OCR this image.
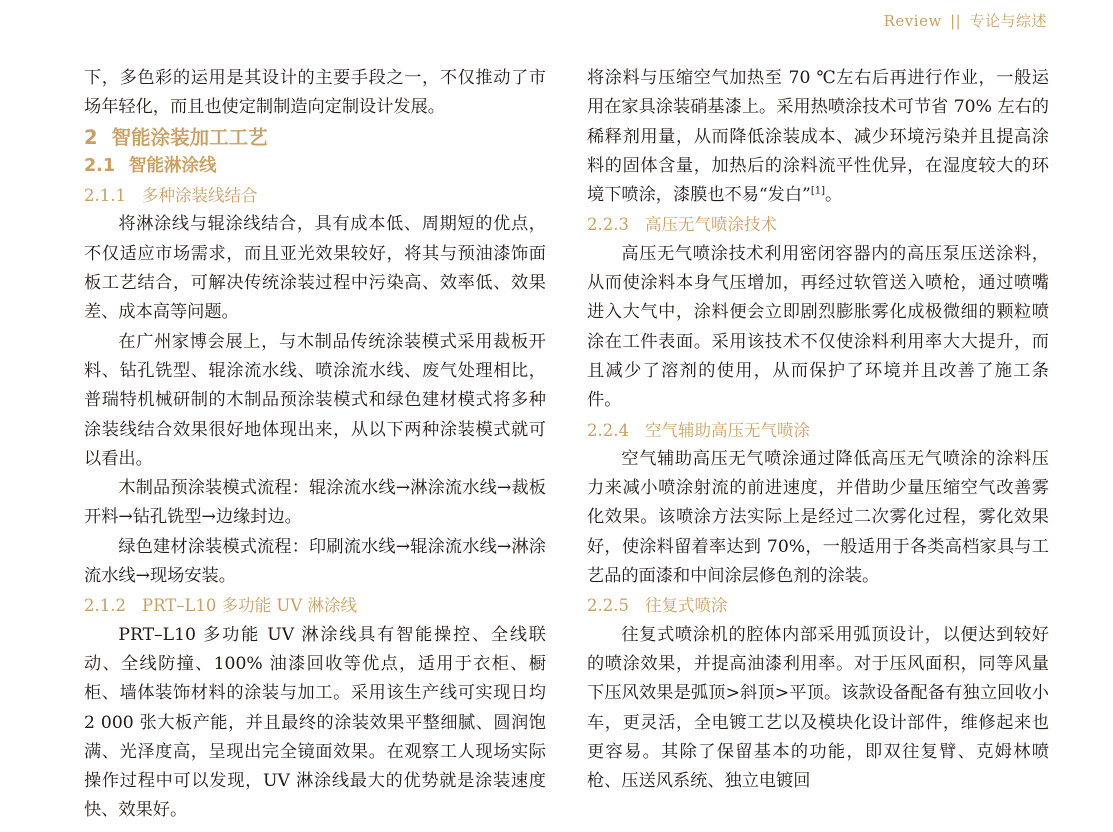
Review || 专论与综述

下，多色彩的运用是其设计的主要手段之一，不仅推动了市场年轻化，而且也使定制制造向定制设计发展。

2 智能涂装加工工艺
2.1 智能淋涂线
2.1.1 多种涂装线结合

将淋涂线与辊涂线结合，具有成本低、周期短的优点，不仅适应市场需求，而且亚光效果较好，将其与预油漆饰面板工艺结合，可解决传统涂装过程中污染高、效率低、效果差、成本高等问题。

在广州家博会展上，与木制品传统涂装模式采用裁板开料、钻孔铣型、辊涂流水线、喷涂流水线、废气处理相比，普瑞特机械研制的木制品预涂装模式和绿色建材模式将多种涂装线结合效果很好地体现出来，从以下两种涂装模式就可以看出。

木制品预涂装模式流程：辊涂流水线→淋涂流水线→裁板开料→钻孔铣型→边缘封边。

绿色建材涂装模式流程：印刷流水线→辊涂流水线→淋涂流水线→现场安装。

2.1.2 PRT–L10 多功能 UV 淋涂线

PRT–L10 多功能 UV 淋涂线具有智能操控、全线联动、全线防撞、100% 油漆回收等优点，适用于衣柜、橱柜、墙体装饰材料的涂装与加工。采用该生产线可实现日均 2 000 张大板产能，并且最终的涂装效果平整细腻、圆润饱满、光泽度高，呈现出完全镜面效果。在观察工人现场实际操作过程中可以发现，UV 淋涂线最大的优势就是涂装速度快、效果好。

将涂料与压缩空气加热至 70 ℃左右后再进行作业，一般运用在家具涂装硝基漆上。采用热喷涂技术可节省 70% 左右的稀释剂用量，从而降低涂装成本、减少环境污染并且提高涂料的固体含量，加热后的涂料流平性优异，在湿度较大的环境下喷涂，漆膜也不易“发白”[1]。

2.2.3 高压无气喷涂技术

高压无气喷涂技术利用密闭容器内的高压泵压送涂料，从而使涂料本身气压增加，再经过软管送入喷枪，通过喷嘴进入大气中，涂料便会立即剧烈膨胀雾化成极微细的颗粒喷涂在工件表面。采用该技术不仅使涂料利用率大大提升，而且减少了溶剂的使用，从而保护了环境并且改善了施工条件。

2.2.4 空气辅助高压无气喷涂

空气辅助高压无气喷涂通过降低高压无气喷涂的涂料压力来减小喷涂射流的前进速度，并借助少量压缩空气改善雾化效果。该喷涂方法实际上是经过二次雾化过程，雾化效果好，使涂料留着率达到 70%，一般适用于各类高档家具与工艺品的面漆和中间涂层修色剂的涂装。

2.2.5 往复式喷涂

往复式喷涂机的腔体内部采用弧顶设计，以便达到较好的喷涂效果，并提高油漆利用率。对于压风面积，同等风量下压风效果是弧顶>斜顶>平顶。该款设备配备有独立回收小车，更灵活，全电镀工艺以及模块化设计部件，维修起来也更容易。其除了保留基本的功能，即双往复臂、克姆林喷枪、压送风系统、独立电镀回
